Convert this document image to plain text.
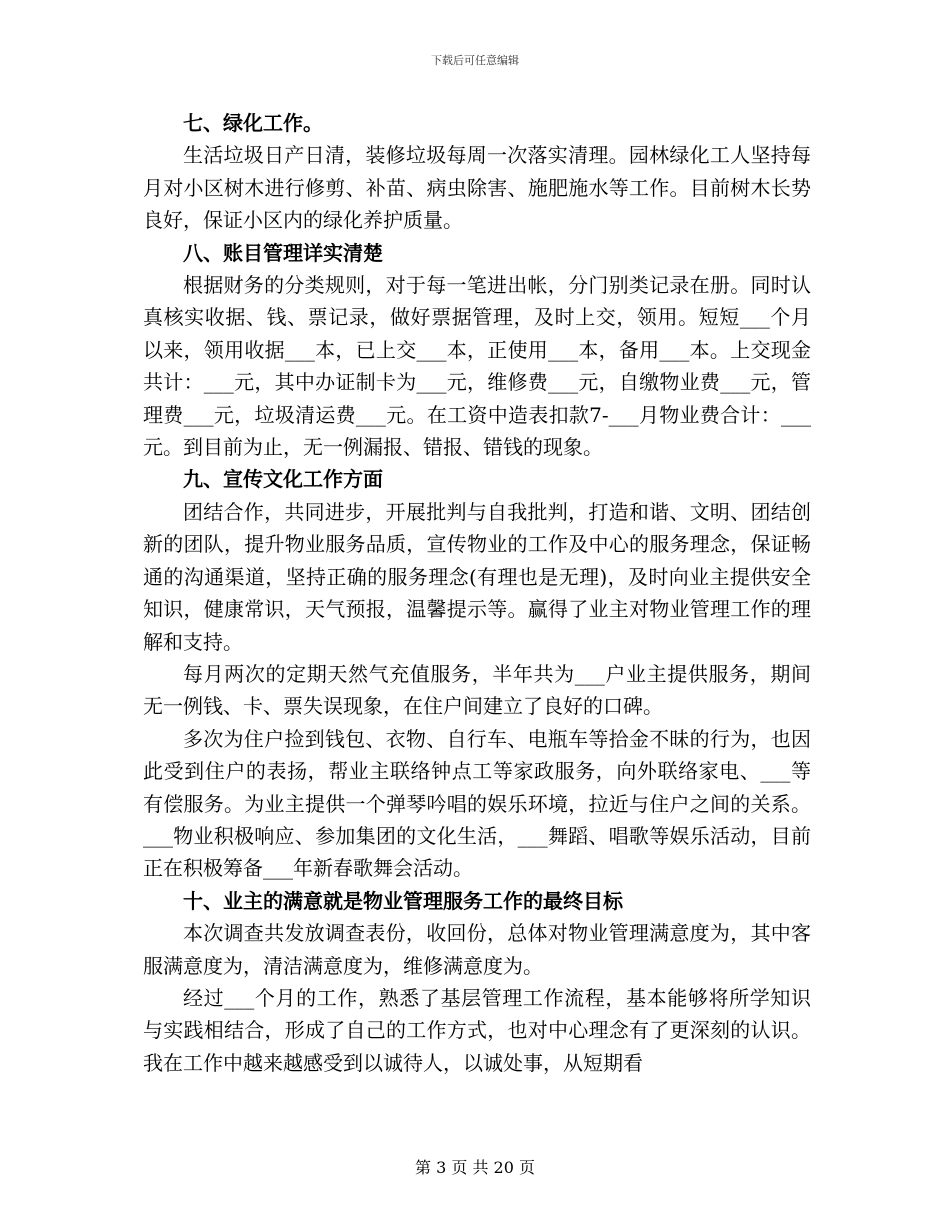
下载后可任意编辑
七、绿化工作。

生活垃圾日产日清，装修垃圾每周一次落实清理。园林绿化工人坚持每月对小区树木进行修剪、补苗、病虫除害、施肥施水等工作。目前树木长势良好，保证小区内的绿化养护质量。

八、账目管理详实清楚

根据财务的分类规则，对于每一笔进出帐，分门别类记录在册。同时认真核实收据、钱、票记录，做好票据管理，及时上交，领用。短短___个月以来，领用收据___本，已上交___本，正使用___本，备用___本。上交现金共计：___元，其中办证制卡为___元，维修费___元，自缴物业费___元，管理费___元，垃圾清运费___元。在工资中造表扣款7-___月物业费合计：___元。到目前为止，无一例漏报、错报、错钱的现象。

九、宣传文化工作方面

团结合作，共同进步，开展批判与自我批判，打造和谐、文明、团结创新的团队，提升物业服务品质，宣传物业的工作及中心的服务理念，保证畅通的沟通渠道，坚持正确的服务理念(有理也是无理)，及时向业主提供安全知识，健康常识，天气预报，温馨提示等。赢得了业主对物业管理工作的理解和支持。

每月两次的定期天然气充值服务，半年共为___户业主提供服务，期间无一例钱、卡、票失误现象，在住户间建立了良好的口碑。

多次为住户捡到钱包、衣物、自行车、电瓶车等拾金不昧的行为，也因此受到住户的表扬，帮业主联络钟点工等家政服务，向外联络家电、___等有偿服务。为业主提供一个弹琴吟唱的娱乐环境，拉近与住户之间的关系。___物业积极响应、参加集团的文化生活，___舞蹈、唱歌等娱乐活动，目前正在积极筹备___年新春歌舞会活动。

十、业主的满意就是物业管理服务工作的最终目标

本次调查共发放调查表份，收回份，总体对物业管理满意度为，其中客服满意度为，清洁满意度为，维修满意度为。

经过___个月的工作，熟悉了基层管理工作流程，基本能够将所学知识与实践相结合，形成了自己的工作方式，也对中心理念有了更深刻的认识。我在工作中越来越感受到以诚待人，以诚处事，从短期看

第 3 页 共 20 页
